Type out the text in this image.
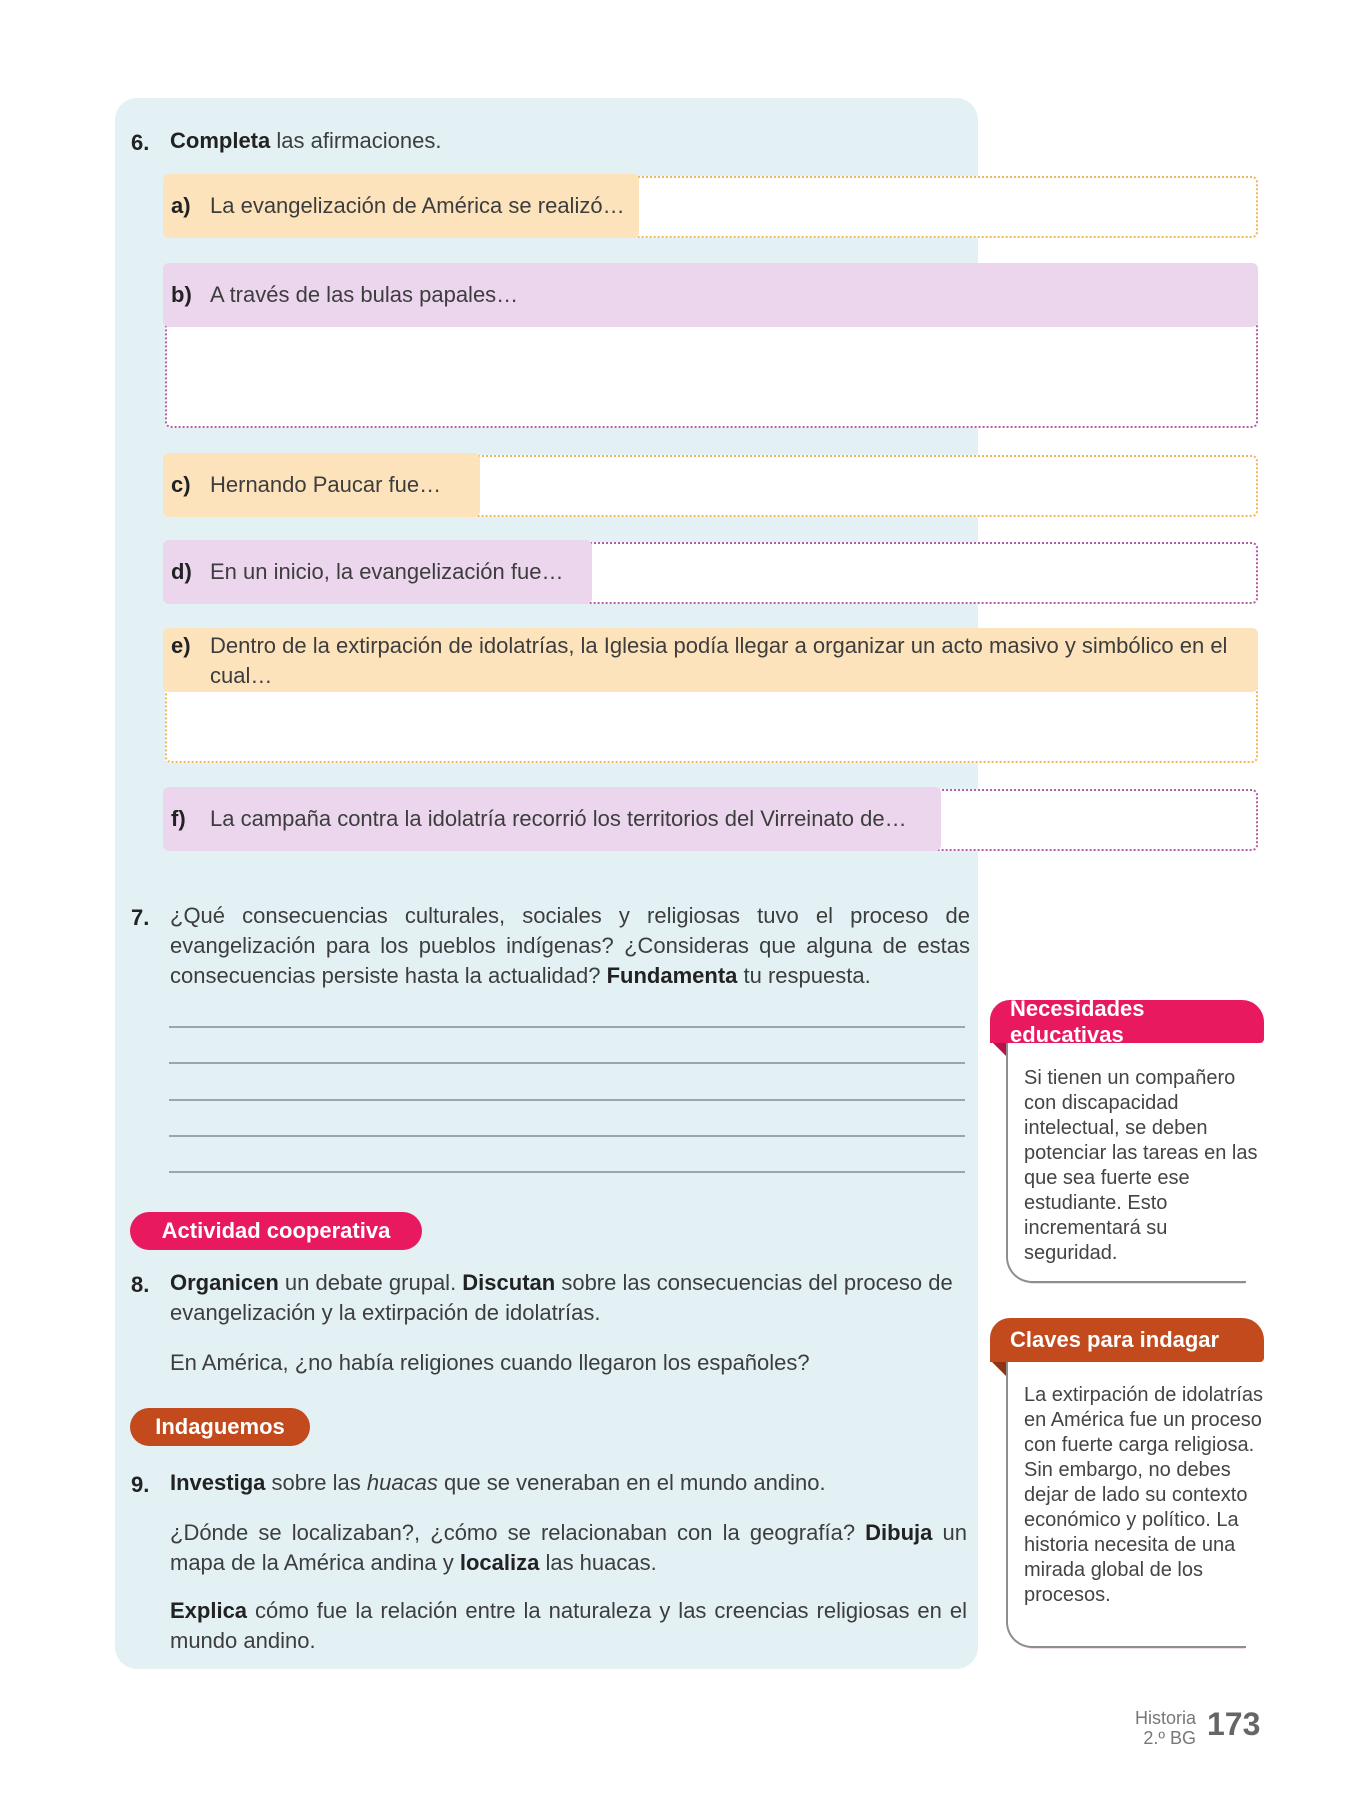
6. Completa las afirmaciones.
a) La evangelización de América se realizó…
b) A través de las bulas papales…
c) Hernando Paucar fue…
d) En un inicio, la evangelización fue…
e) Dentro de la extirpación de idolatrías, la Iglesia podía llegar a organizar un acto masivo y simbólico en el cual…
f)	La campaña contra la idolatría recorrió los territorios del Virreinato de…
7. ¿Qué consecuencias culturales, sociales y religiosas tuvo el proceso de evangelización para los pueblos indígenas? ¿Consideras que alguna de estas consecuencias persiste hasta la actualidad? Fundamenta tu respuesta.
Actividad cooperativa
8. Organicen un debate grupal. Discutan sobre las consecuencias del proceso de evangelización y la extirpación de idolatrías.
En América, ¿no había religiones cuando llegaron los españoles?
Indaguemos
9. Investiga sobre las huacas que se veneraban en el mundo andino.
¿Dónde se localizaban?, ¿cómo se relacionaban con la geografía? Dibuja un mapa de la América andina y localiza las huacas.
Explica cómo fue la relación entre la naturaleza y las creencias religiosas en el mundo andino.
Necesidades educativas
Si tienen un compañero con discapacidad intelectual, se deben potenciar las tareas en las que sea fuerte ese estudiante. Esto incrementará su seguridad.
Claves para indagar
La extirpación de idolatrías en América fue un proceso con fuerte carga religiosa. Sin embargo, no debes dejar de lado su contexto económico y político. La historia necesita de una mirada global de los procesos.
Historia
2.º BG 173
